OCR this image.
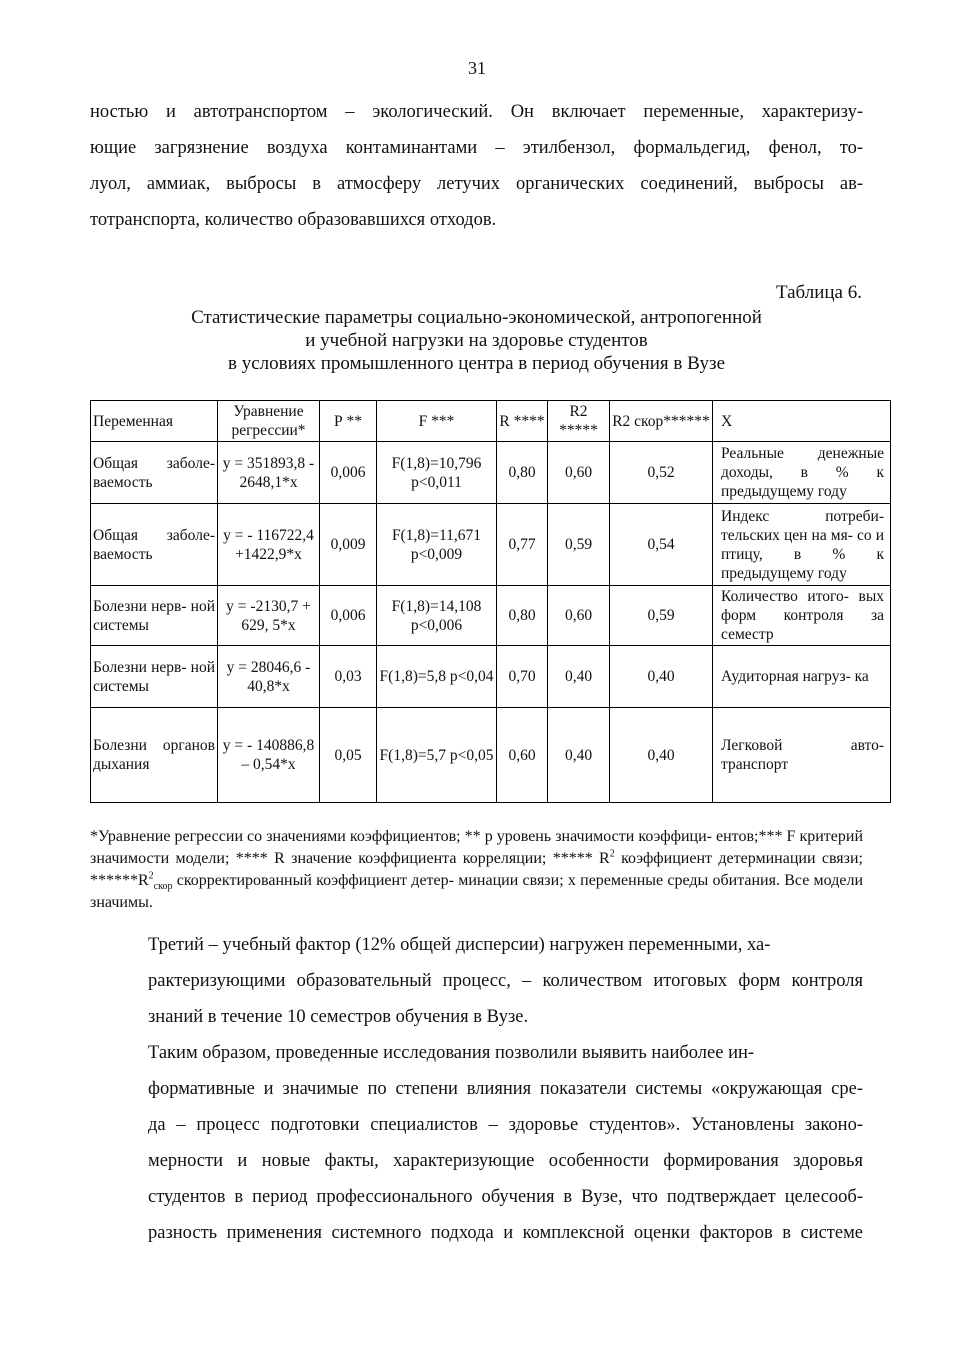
31

ностью и автотранспортом – экологический. Он включает переменные, характеризу-
ющие загрязнение воздуха контаминантами – этилбензол, формальдегид, фенол, то-
луол, аммиак, выбросы в атмосферу летучих органических соединений, выбросы ав-
тотранспорта, количество образовавшихся отходов.

Таблица 6.
Статистические параметры социально-экономической, антропогенной
и учебной нагрузки на здоровье студентов
в условиях промышленного центра в период обучения в Вузе
Переменная	Уравнение регрессии*	Р **	F ***	R ****	R2 *****	R2 скор******	Х
Общая заболе- ваемость	y = 351893,8 - 2648,1*х	0,006	F(1,8)=10,796 p<0,011	0,80	0,60	0,52	Реальные денежные доходы, в % к предыдущему году
Общая заболе- ваемость	у = - 116722,4 +1422,9*х	0,009	F(1,8)=11,671 p<0,009	0,77	0,59	0,54	Индекс потреби- тельских цен на мя- со и птицу, в % к предыдущему году
Болезни нерв- ной системы	у = -2130,7 + 629, 5*х	0,006	F(1,8)=14,108 p<0,006	0,80	0,60	0,59	Количество итого- вых форм контроля за семестр
Болезни нерв- ной системы	у = 28046,6 - 40,8*х	0,03	F(1,8)=5,8 p<0,04	0,70	0,40	0,40	Аудиторная нагруз- ка
Болезни органов дыхания	у = - 140886,8 – 0,54*х	0,05	F(1,8)=5,7 p<0,05	0,60	0,40	0,40	Легковой авто- транспорт

*Уравнение регрессии со значениями коэффициентов; ** р уровень значимости коэффици- ентов;*** F критерий значимости модели; **** R значение коэффициента корреляции; ***** $R^2$ коэффициент детерминации связи; $******R^2_{скор}$ скорректированный коэффициент детер- минации связи; х переменные среды обитания. Все модели значимы.

Третий – учебный фактор (12% общей дисперсии) нагружен переменными, ха-
рактеризующими образовательный процесс, – количеством итоговых форм контроля
знаний в течение 10 семестров обучения в Вузе.

Таким образом, проведенные исследования позволили выявить наиболее ин-
формативные и значимые по степени влияния показатели системы «окружающая сре-
да – процесс подготовки специалистов – здоровье студентов». Установлены законо-
мерности и новые факты, характеризующие особенности формирования здоровья
студентов в период профессионального обучения в Вузе, что подтверждает целесооб-
разность применения системного подхода и комплексной оценки факторов в системе
